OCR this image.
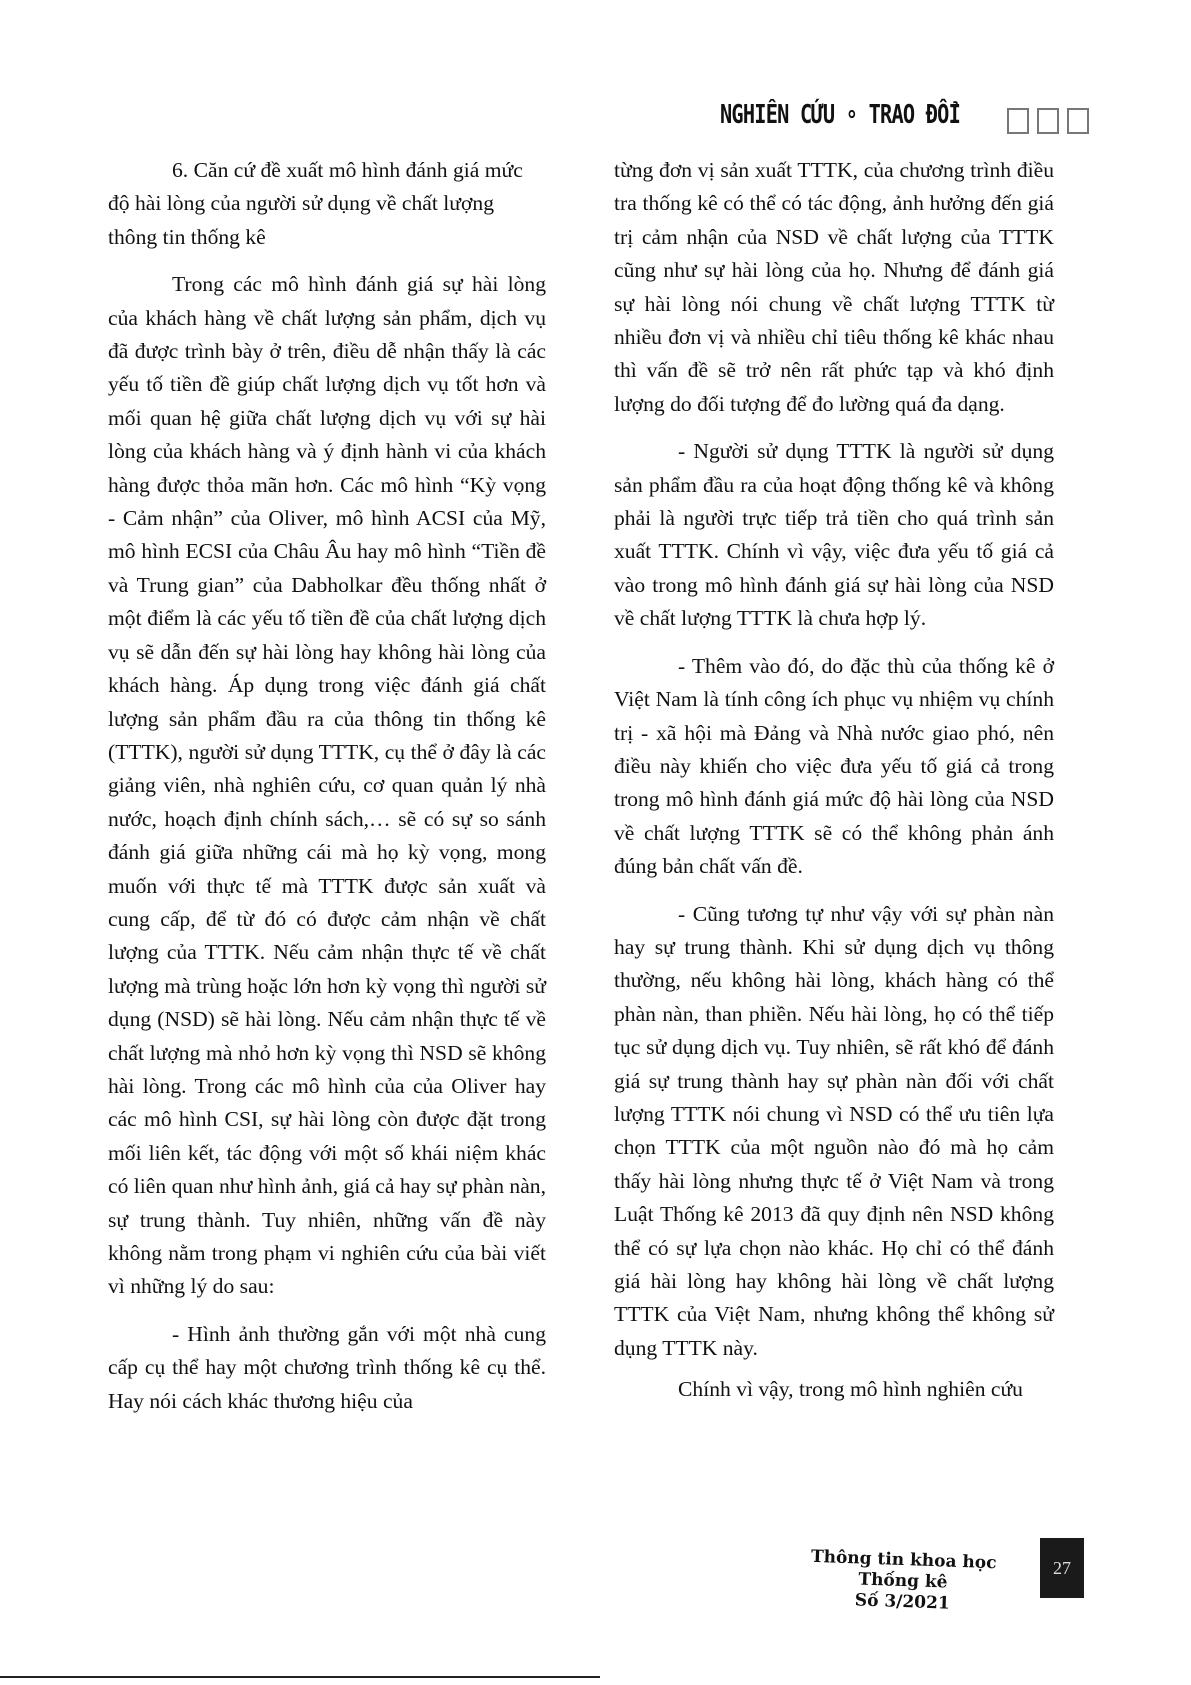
NGHIÊN CỨU ∘ TRAO ĐỔI

6. Căn cứ đề xuất mô hình đánh giá mức độ hài lòng của người sử dụng về chất lượng thông tin thống kê

Trong các mô hình đánh giá sự hài lòng của khách hàng về chất lượng sản phẩm, dịch vụ đã được trình bày ở trên, điều dễ nhận thấy là các yếu tố tiền đề giúp chất lượng dịch vụ tốt hơn và mối quan hệ giữa chất lượng dịch vụ với sự hài lòng của khách hàng và ý định hành vi của khách hàng được thỏa mãn hơn. Các mô hình “Kỳ vọng - Cảm nhận” của Oliver, mô hình ACSI của Mỹ, mô hình ECSI của Châu Âu hay mô hình “Tiền đề và Trung gian” của Dabholkar đều thống nhất ở một điểm là các yếu tố tiền đề của chất lượng dịch vụ sẽ dẫn đến sự hài lòng hay không hài lòng của khách hàng. Áp dụng trong việc đánh giá chất lượng sản phẩm đầu ra của thông tin thống kê (TTTK), người sử dụng TTTK, cụ thể ở đây là các giảng viên, nhà nghiên cứu, cơ quan quản lý nhà nước, hoạch định chính sách,… sẽ có sự so sánh đánh giá giữa những cái mà họ kỳ vọng, mong muốn với thực tế mà TTTK được sản xuất và cung cấp, để từ đó có được cảm nhận về chất lượng của TTTK. Nếu cảm nhận thực tế về chất lượng mà trùng hoặc lớn hơn kỳ vọng thì người sử dụng (NSD) sẽ hài lòng. Nếu cảm nhận thực tế về chất lượng mà nhỏ hơn kỳ vọng thì NSD sẽ không hài lòng. Trong các mô hình của của Oliver hay các mô hình CSI, sự hài lòng còn được đặt trong mối liên kết, tác động với một số khái niệm khác có liên quan như hình ảnh, giá cả hay sự phàn nàn, sự trung thành. Tuy nhiên, những vấn đề này không nằm trong phạm vi nghiên cứu của bài viết vì những lý do sau:

- Hình ảnh thường gắn với một nhà cung cấp cụ thể hay một chương trình thống kê cụ thể. Hay nói cách khác thương hiệu của

từng đơn vị sản xuất TTTK, của chương trình điều tra thống kê có thể có tác động, ảnh hưởng đến giá trị cảm nhận của NSD về chất lượng của TTTK cũng như sự hài lòng của họ. Nhưng để đánh giá sự hài lòng nói chung về chất lượng TTTK từ nhiều đơn vị và nhiều chỉ tiêu thống kê khác nhau thì vấn đề sẽ trở nên rất phức tạp và khó định lượng do đối tượng để đo lường quá đa dạng.

- Người sử dụng TTTK là người sử dụng sản phẩm đầu ra của hoạt động thống kê và không phải là người trực tiếp trả tiền cho quá trình sản xuất TTTK. Chính vì vậy, việc đưa yếu tố giá cả vào trong mô hình đánh giá sự hài lòng của NSD về chất lượng TTTK là chưa hợp lý.

- Thêm vào đó, do đặc thù của thống kê ở Việt Nam là tính công ích phục vụ nhiệm vụ chính trị - xã hội mà Đảng và Nhà nước giao phó, nên điều này khiến cho việc đưa yếu tố giá cả trong trong mô hình đánh giá mức độ hài lòng của NSD về chất lượng TTTK sẽ có thể không phản ánh đúng bản chất vấn đề.

- Cũng tương tự như vậy với sự phàn nàn hay sự trung thành. Khi sử dụng dịch vụ thông thường, nếu không hài lòng, khách hàng có thể phàn nàn, than phiền. Nếu hài lòng, họ có thể tiếp tục sử dụng dịch vụ. Tuy nhiên, sẽ rất khó để đánh giá sự trung thành hay sự phàn nàn đối với chất lượng TTTK nói chung vì NSD có thể ưu tiên lựa chọn TTTK của một nguồn nào đó mà họ cảm thấy hài lòng nhưng thực tế ở Việt Nam và trong Luật Thống kê 2013 đã quy định nên NSD không thể có sự lựa chọn nào khác. Họ chỉ có thể đánh giá hài lòng hay không hài lòng về chất lượng TTTK của Việt Nam, nhưng không thể không sử dụng TTTK này.

Chính vì vậy, trong mô hình nghiên cứu

Thông tin khoa học Thống kê
Số 3/2021
27
